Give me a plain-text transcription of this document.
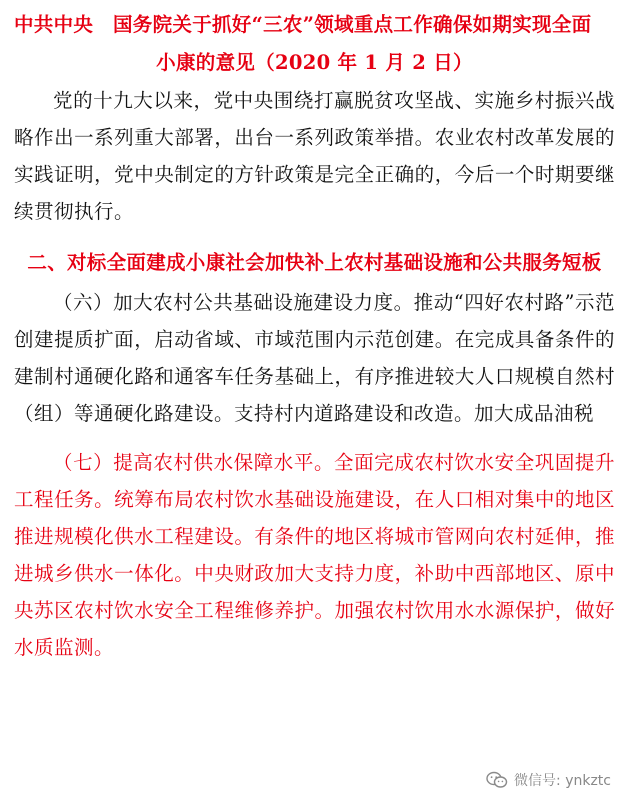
中共中央　国务院关于抓好“三农”领域重点工作确保如期实现全面
小康的意见（2020 年 1 月 2 日）

党的十九大以来，党中央围绕打赢脱贫攻坚战、实施乡村振兴战略作出一系列重大部署，出台一系列政策举措。农业农村改革发展的实践证明，党中央制定的方针政策是完全正确的，今后一个时期要继续贯彻执行。

二、对标全面建成小康社会加快补上农村基础设施和公共服务短板

（六）加大农村公共基础设施建设力度。推动“四好农村路”示范创建提质扩面，启动省域、市域范围内示范创建。在完成具备条件的建制村通硬化路和通客车任务基础上，有序推进较大人口规模自然村（组）等通硬化路建设。支持村内道路建设和改造。加大成品油税

（七）提高农村供水保障水平。全面完成农村饮水安全巩固提升工程任务。统筹布局农村饮水基础设施建设，在人口相对集中的地区推进规模化供水工程建设。有条件的地区将城市管网向农村延伸，推进城乡供水一体化。中央财政加大支持力度，补助中西部地区、原中央苏区农村饮水安全工程维修养护。加强农村饮用水水源保护，做好水质监测。

微信号: ynkztc
